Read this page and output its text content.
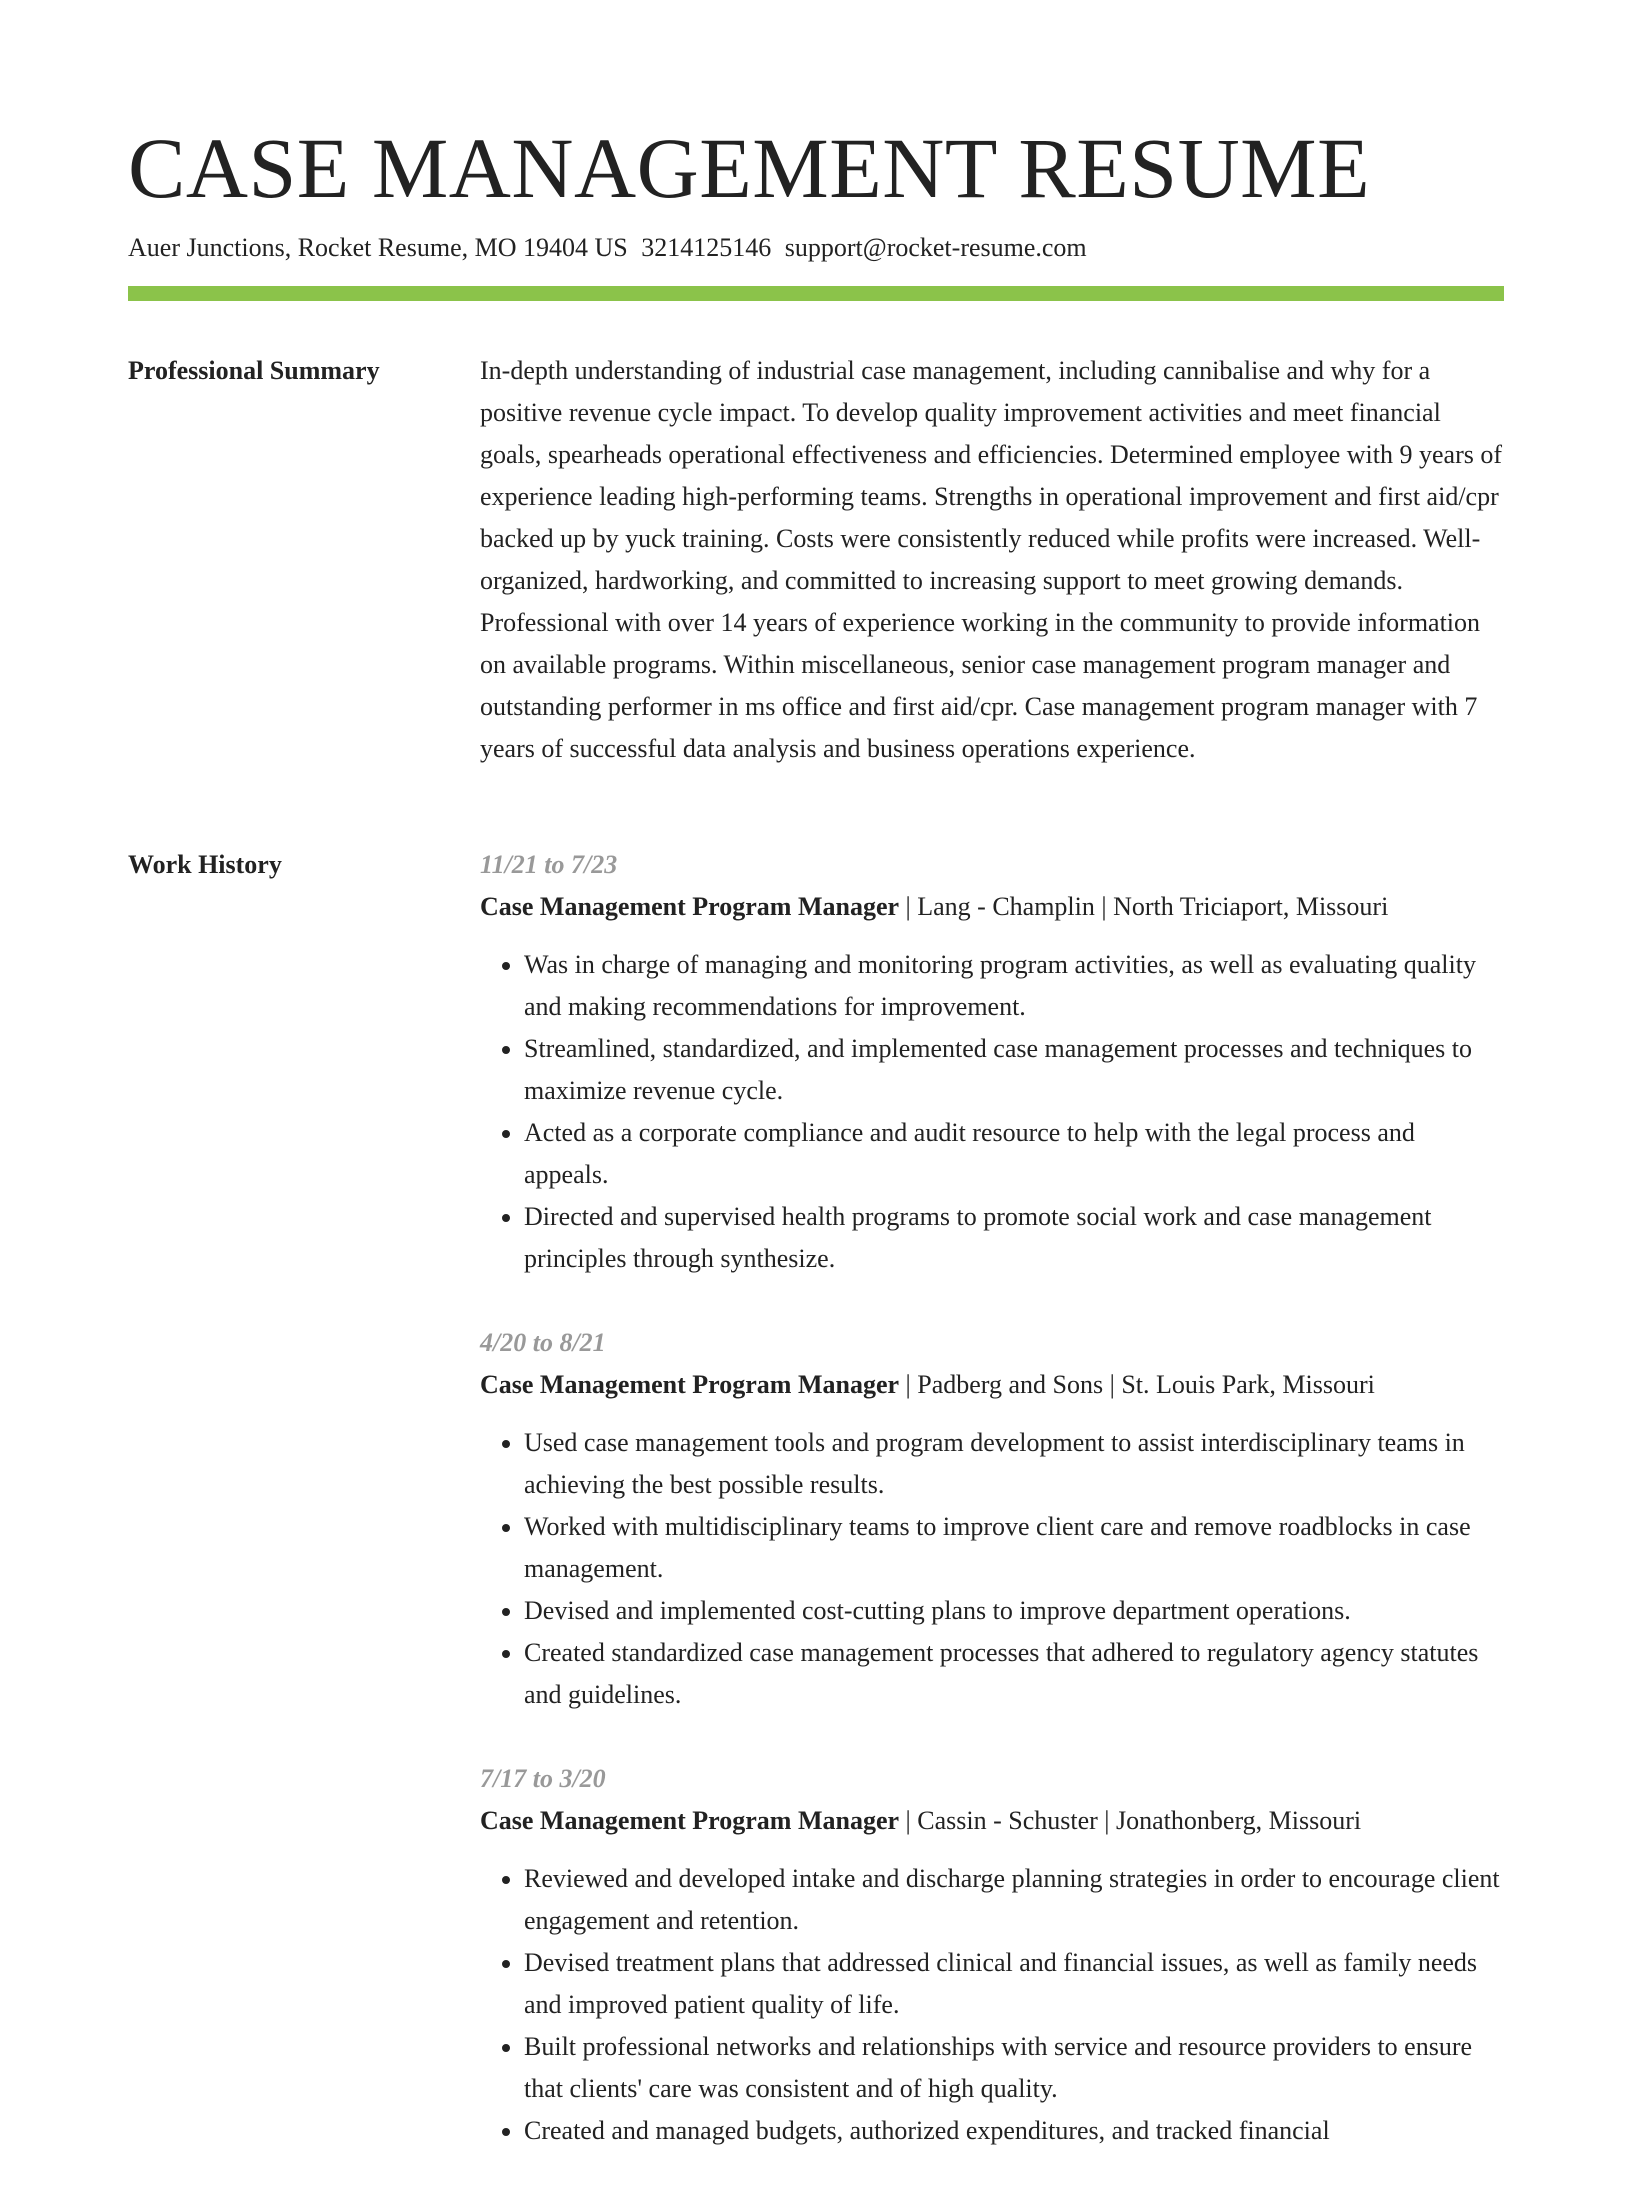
CASE MANAGEMENT RESUME
Auer Junctions, Rocket Resume, MO 19404 US 3214125146 support@rocket-resume.com
Professional Summary	In-depth understanding of industrial case management, including cannibalise and why for a positive revenue cycle impact. To develop quality improvement activities and meet financial goals, spearheads operational effectiveness and efficiencies. Determined employee with 9 years of experience leading high-performing teams. Strengths in operational improvement and first aid/cpr backed up by yuck training. Costs were consistently reduced while profits were increased. Well-organized, hardworking, and committed to increasing support to meet growing demands. Professional with over 14 years of experience working in the community to provide information on available programs. Within miscellaneous, senior case management program manager and outstanding performer in ms office and first aid/cpr. Case management program manager with 7 years of successful data analysis and business operations experience.

Work History	11/21 to 7/23
Case Management Program Manager | Lang - Champlin | North Triciaport, Missouri
• Was in charge of managing and monitoring program activities, as well as evaluating quality and making recommendations for improvement.
• Streamlined, standardized, and implemented case management processes and techniques to maximize revenue cycle.
• Acted as a corporate compliance and audit resource to help with the legal process and appeals.
• Directed and supervised health programs to promote social work and case management principles through synthesize.
4/20 to 8/21
Case Management Program Manager | Padberg and Sons | St. Louis Park, Missouri
• Used case management tools and program development to assist interdisciplinary teams in achieving the best possible results.
• Worked with multidisciplinary teams to improve client care and remove roadblocks in case management.
• Devised and implemented cost-cutting plans to improve department operations.
• Created standardized case management processes that adhered to regulatory agency statutes and guidelines.
7/17 to 3/20
Case Management Program Manager | Cassin - Schuster | Jonathonberg, Missouri
• Reviewed and developed intake and discharge planning strategies in order to encourage client engagement and retention.
• Devised treatment plans that addressed clinical and financial issues, as well as family needs and improved patient quality of life.
• Built professional networks and relationships with service and resource providers to ensure that clients' care was consistent and of high quality.
• Created and managed budgets, authorized expenditures, and tracked financial
